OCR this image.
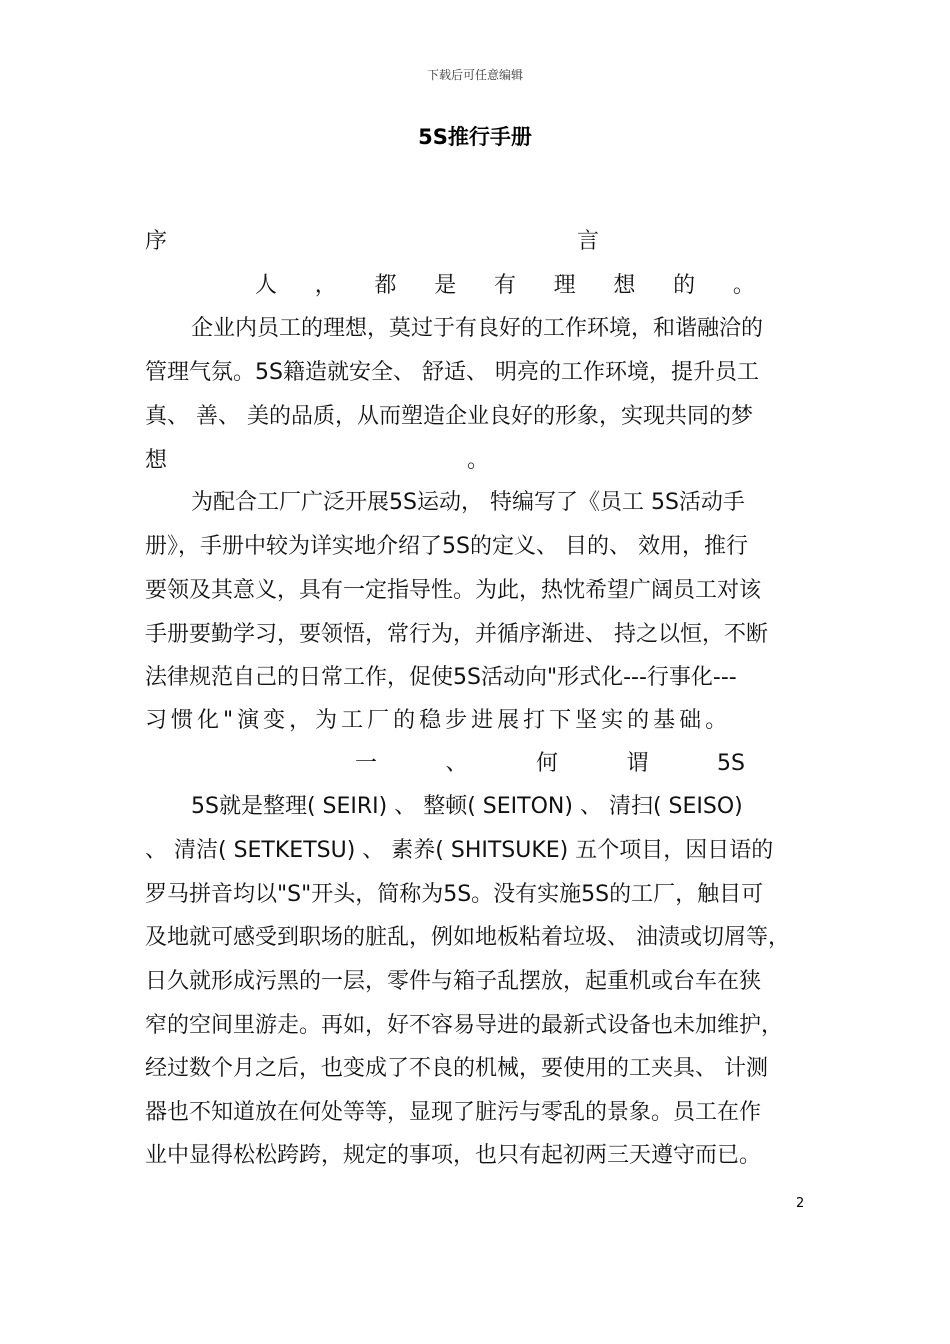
下载后可任意编辑
5S推行手册
序	言
人 ， 都 是 有 理 想 的 。
企业内员工的理想，莫过于有良好的工作环境，和谐融洽的
管理气氛。5S籍造就安全、 舒适、 明亮的工作环境，提升员工
真、 善、 美的品质，从而塑造企业良好的形象，实现共同的梦
想	。
为配合工厂广泛开展5S运动， 特编写了《员工 5S活动手
册》，手册中较为详实地介绍了5S的定义、 目的、 效用，推行
要领及其意义，具有一定指导性。为此，热忱希望广阔员工对该
手册要勤学习，要领悟，常行为，并循序渐进、 持之以恒，不断
法律规范自己的日常工作，促使5S活动向"形式化---行事化---
习惯化"演变，为工厂的稳步进展打下坚实的基础。
一	、	何	谓	5S
5S就是整理( SEIRI) 、 整顿( SEITON) 、 清扫( SEISO)
、 清洁( SETKETSU) 、 素养( SHITSUKE) 五个项目，因日语的
罗马拼音均以"S"开头，简称为5S。没有实施5S的工厂，触目可
及地就可感受到职场的脏乱，例如地板粘着垃圾、 油渍或切屑等，
日久就形成污黑的一层，零件与箱子乱摆放，起重机或台车在狭
窄的空间里游走。再如，好不容易导进的最新式设备也未加维护，
经过数个月之后，也变成了不良的机械，要使用的工夹具、 计测
器也不知道放在何处等等，显现了脏污与零乱的景象。员工在作
业中显得松松跨跨，规定的事项，也只有起初两三天遵守而已。
2
